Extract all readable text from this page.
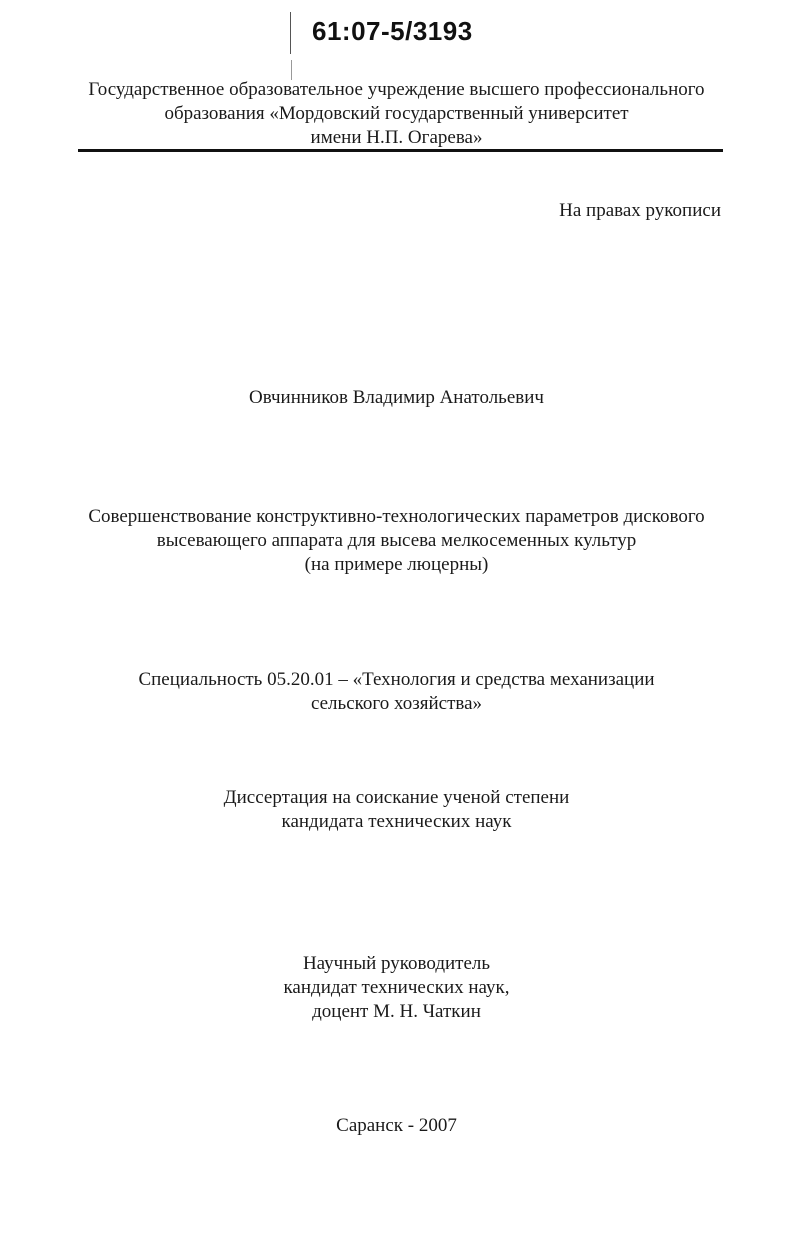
61:07-5/3193
Государственное образовательное учреждение высшего профессионального
образования «Мордовский государственный университет
имени Н.П. Огарева»
На правах рукописи
Овчинников Владимир Анатольевич
Совершенствование конструктивно-технологических параметров дискового
высевающего аппарата для высева мелкосеменных культур
(на примере люцерны)
Специальность 05.20.01 – «Технология и средства механизации
сельского хозяйства»
Диссертация на соискание ученой степени
кандидата технических наук
Научный руководитель
кандидат технических наук,
доцент М. Н. Чаткин
Саранск - 2007
